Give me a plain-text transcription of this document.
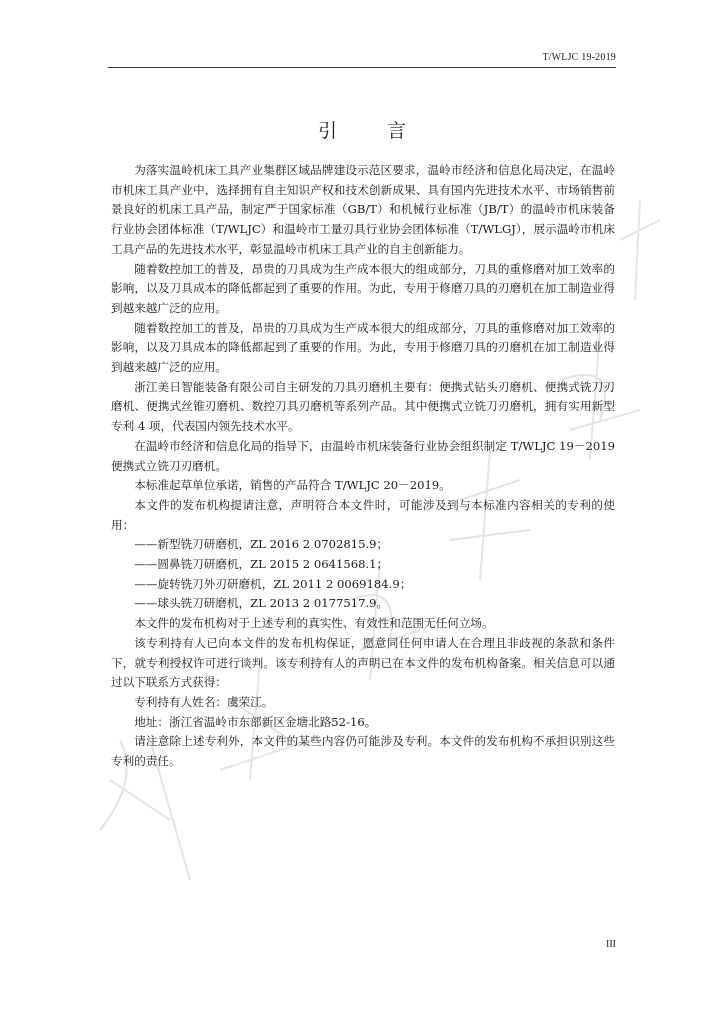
T/WLJC 19-2019
引 言

为落实温岭机床工具产业集群区域品牌建设示范区要求，温岭市经济和信息化局决定，在温岭市机床工具产业中，选择拥有自主知识产权和技术创新成果、具有国内先进技术水平、市场销售前景良好的机床工具产品，制定严于国家标准（GB/T）和机械行业标准（JB/T）的温岭市机床装备行业协会团体标准（T/WLJC）和温岭市工量刃具行业协会团体标准（T/WLGJ），展示温岭市机床工具产品的先进技术水平，彰显温岭市机床工具产业的自主创新能力。

随着数控加工的普及，昂贵的刀具成为生产成本很大的组成部分，刀具的重修磨对加工效率的影响，以及刀具成本的降低都起到了重要的作用。为此，专用于修磨刀具的刃磨机在加工制造业得到越来越广泛的应用。

随着数控加工的普及，昂贵的刀具成为生产成本很大的组成部分，刀具的重修磨对加工效率的影响，以及刀具成本的降低都起到了重要的作用。为此，专用于修磨刀具的刃磨机在加工制造业得到越来越广泛的应用。

浙江美日智能装备有限公司自主研发的刀具刃磨机主要有：便携式钻头刃磨机、便携式铣刀刃磨机、便携式丝锥刃磨机、数控刀具刃磨机等系列产品。其中便携式立铣刀刃磨机，拥有实用新型专利 4 项，代表国内领先技术水平。

在温岭市经济和信息化局的指导下，由温岭市机床装备行业协会组织制定 T/WLJC 19－2019　便携式立铣刀刃磨机。

本标准起草单位承诺，销售的产品符合 T/WLJC 20－2019。

本文件的发布机构提请注意，声明符合本文件时，可能涉及到与本标准内容相关的专利的使用：

——新型铣刀研磨机，ZL 2016 2 0702815.9；

——圆鼻铣刀研磨机，ZL 2015 2 0641568.1；

——旋转铣刀外刃研磨机，ZL 2011 2 0069184.9；

——球头铣刀研磨机，ZL 2013 2 0177517.9。

本文件的发布机构对于上述专利的真实性、有效性和范围无任何立场。

该专利持有人已向本文件的发布机构保证，愿意同任何申请人在合理且非歧视的条款和条件下，就专利授权许可进行谈判。该专利持有人的声明已在本文件的发布机构备案。相关信息可以通过以下联系方式获得：

专利持有人姓名：虞荣江。

地址：浙江省温岭市东部新区金塘北路52-16。

请注意除上述专利外，本文件的某些内容仍可能涉及专利。本文件的发布机构不承担识别这些专利的责任。

III
